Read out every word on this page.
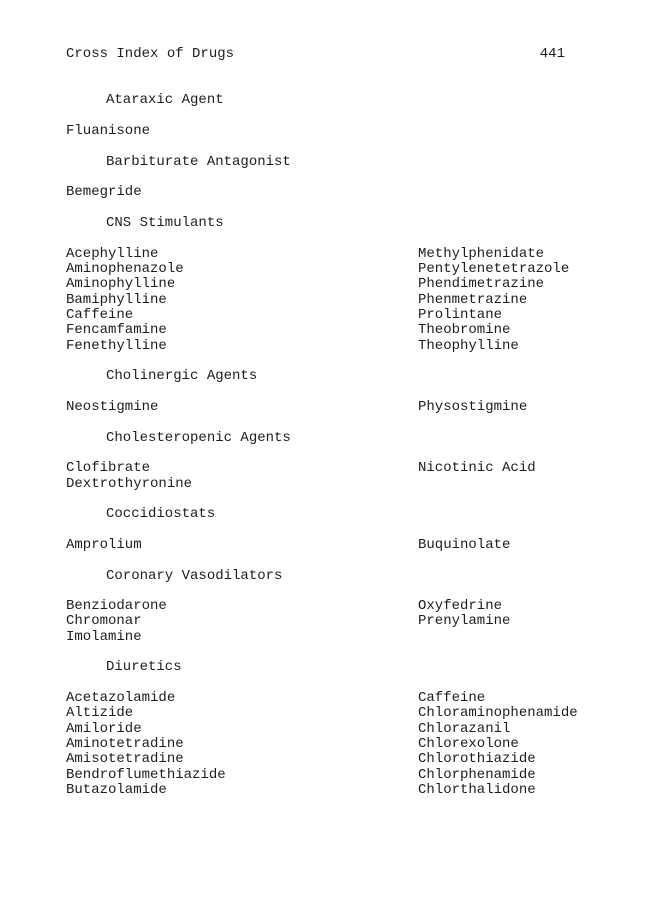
Cross Index of Drugs	441
Ataraxic Agent
Fluanisone
Barbiturate Antagonist
Bemegride
CNS Stimulants
Acephylline	Methylphenidate
Aminophenazole	Pentylenetetrazole
Aminophylline	Phendimetrazine
Bamiphylline	Phenmetrazine
Caffeine	Prolintane
Fencamfamine	Theobromine
Fenethylline	Theophylline
Cholinergic Agents
Neostigmine	Physostigmine
Cholesteropenic Agents
Clofibrate	Nicotinic Acid
Dextrothyronine
Coccidiostats
Amprolium	Buquinolate
Coronary Vasodilators
Benziodarone	Oxyfedrine
Chromonar	Prenylamine
Imolamine
Diuretics
Acetazolamide	Caffeine
Altizide	Chloraminophenamide
Amiloride	Chlorazanil
Aminotetradine	Chlorexolone
Amisotetradine	Chlorothiazide
Bendroflumethiazide	Chlorphenamide
Butazolamide	Chlorthalidone
